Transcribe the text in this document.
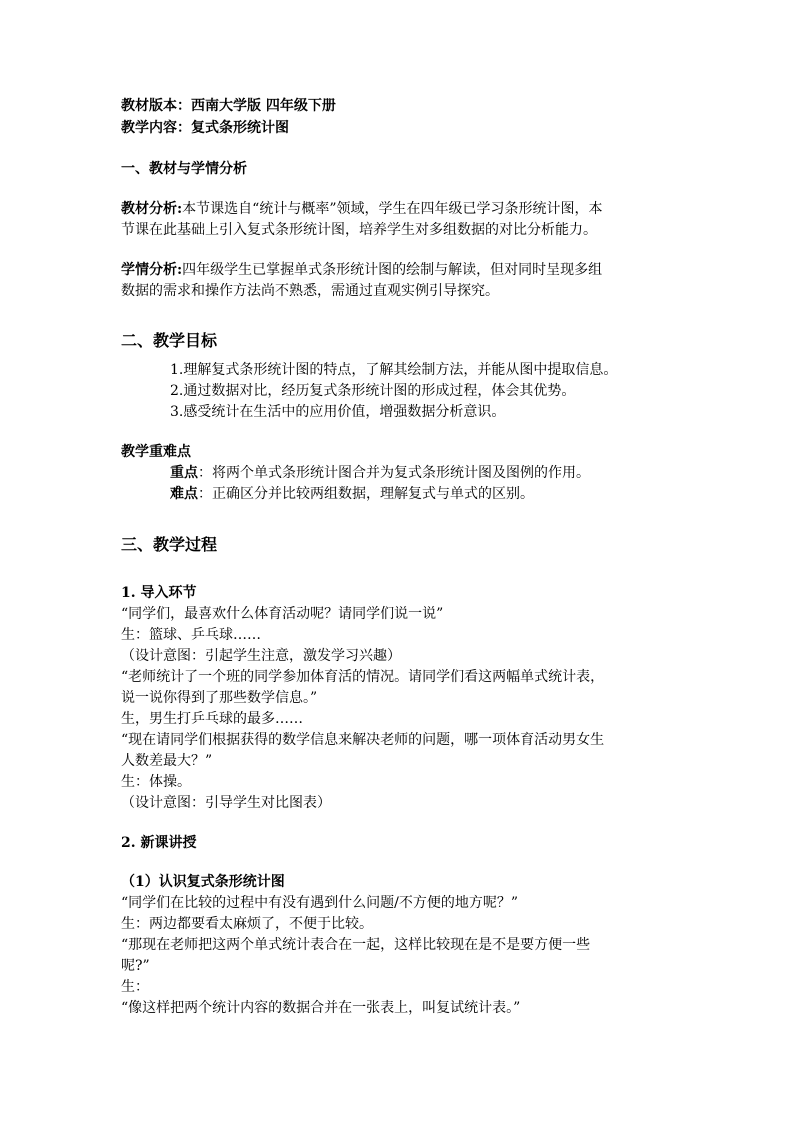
教材版本：西南大学版 四年级下册
教学内容：复式条形统计图
一、教材与学情分析
教材分析:本节课选自“统计与概率”领域，学生在四年级已学习条形统计图，本
节课在此基础上引入复式条形统计图，培养学生对多组数据的对比分析能力。
学情分析:四年级学生已掌握单式条形统计图的绘制与解读，但对同时呈现多组
数据的需求和操作方法尚不熟悉，需通过直观实例引导探究。
二、教学目标
1.理解复式条形统计图的特点，了解其绘制方法，并能从图中提取信息。
2.通过数据对比，经历复式条形统计图的形成过程，体会其优势。
3.感受统计在生活中的应用价值，增强数据分析意识。
教学重难点
重点：将两个单式条形统计图合并为复式条形统计图及图例的作用。
难点：正确区分并比较两组数据，理解复式与单式的区别。
三、教学过程
1. 导入环节
“同学们，最喜欢什么体育活动呢？请同学们说一说”
生：篮球、乒乓球……
（设计意图：引起学生注意，激发学习兴趣）
“老师统计了一个班的同学参加体育活的情况。请同学们看这两幅单式统计表，
说一说你得到了那些数学信息。”
生，男生打乒乓球的最多……
“现在请同学们根据获得的数学信息来解决老师的问题，哪一项体育活动男女生
人数差最大？”
生：体操。
（设计意图：引导学生对比图表）
2. 新课讲授
（1）认识复式条形统计图
“同学们在比较的过程中有没有遇到什么问题/不方便的地方呢？”
生：两边都要看太麻烦了，不便于比较。
“那现在老师把这两个单式统计表合在一起，这样比较现在是不是要方便一些
呢?”
生：
“像这样把两个统计内容的数据合并在一张表上，叫复试统计表。”
